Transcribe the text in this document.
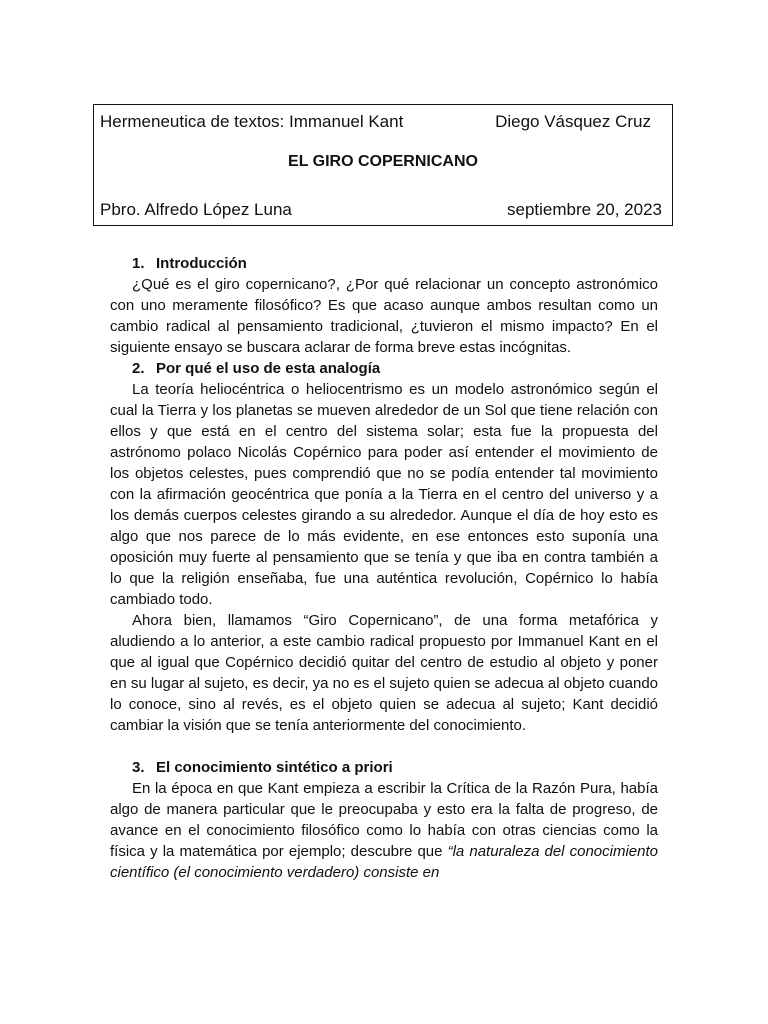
Hermeneutica de textos: Immanuel Kant	Diego Vásquez Cruz
EL GIRO COPERNICANO
Pbro. Alfredo López Luna	septiembre 20, 2023
1. Introducción

¿Qué es el giro copernicano?, ¿Por qué relacionar un concepto astronómico con uno meramente filosófico? Es que acaso aunque ambos resultan como un cambio radical al pensamiento tradicional, ¿tuvieron el mismo impacto? En el siguiente ensayo se buscara aclarar de forma breve estas incógnitas.

2. Por qué el uso de esta analogía

La teoría heliocéntrica o heliocentrismo es un modelo astronómico según el cual la Tierra y los planetas se mueven alrededor de un Sol que tiene relación con ellos y que está en el centro del sistema solar; esta fue la propuesta del astrónomo polaco Nicolás Copérnico para poder así entender el movimiento de los objetos celestes, pues comprendió que no se podía entender tal movimiento con la afirmación geocéntrica que ponía a la Tierra en el centro del universo y a los demás cuerpos celestes girando a su alrededor. Aunque el día de hoy esto es algo que nos parece de lo más evidente, en ese entonces esto suponía una oposición muy fuerte al pensamiento que se tenía y que iba en contra también a lo que la religión enseñaba, fue una auténtica revolución, Copérnico lo había cambiado todo.

Ahora bien, llamamos “Giro Copernicano”, de una forma metafórica y aludiendo a lo anterior, a este cambio radical propuesto por Immanuel Kant en el que al igual que Copérnico decidió quitar del centro de estudio al objeto y poner en su lugar al sujeto, es decir, ya no es el sujeto quien se adecua al objeto cuando lo conoce, sino al revés, es el objeto quien se adecua al sujeto; Kant decidió cambiar la visión que se tenía anteriormente del conocimiento.

3. El conocimiento sintético a priori

En la época en que Kant empieza a escribir la Crítica de la Razón Pura, había algo de manera particular que le preocupaba y esto era la falta de progreso, de avance en el conocimiento filosófico como lo había con otras ciencias como la física y la matemática por ejemplo; descubre que “la naturaleza del conocimiento científico (el conocimiento verdadero) consiste en
